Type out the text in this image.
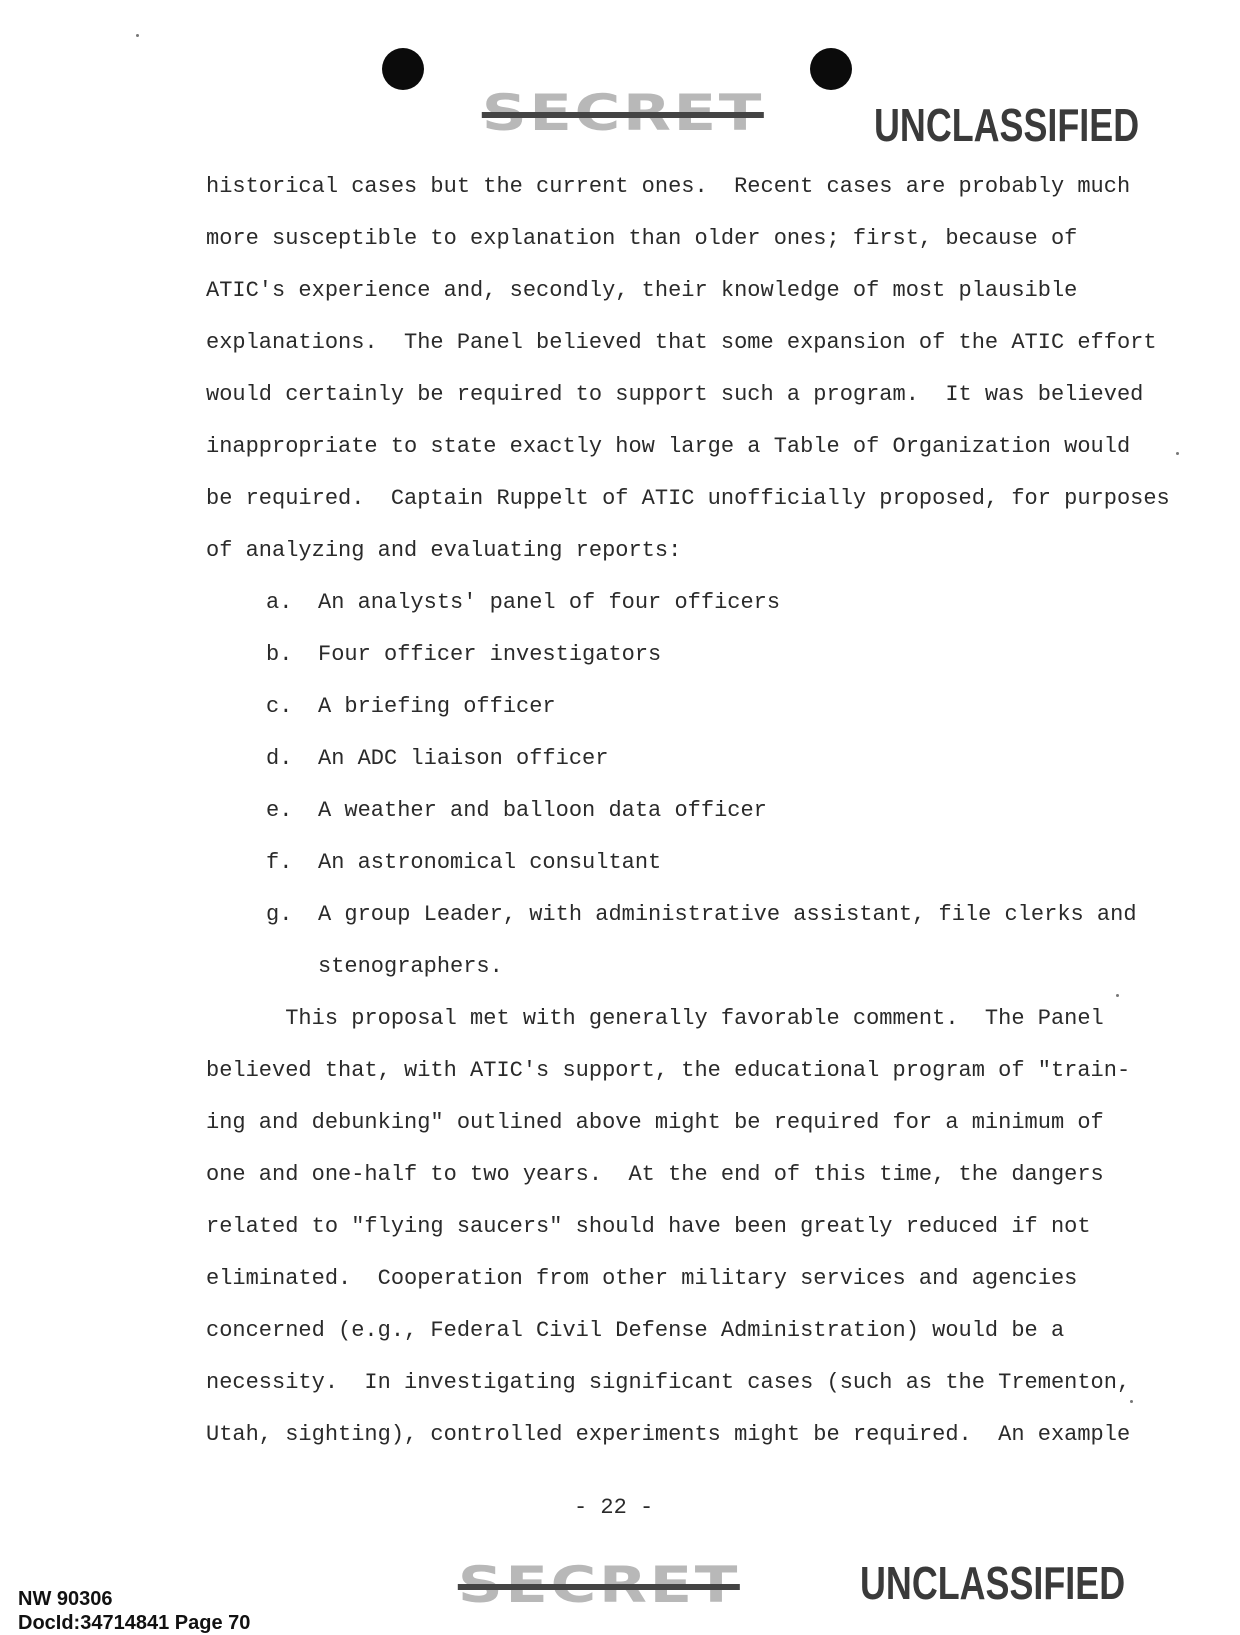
SECRET UNCLASSIFIED
historical cases but the current ones.  Recent cases are probably much
more susceptible to explanation than older ones; first, because of
ATIC's experience and, secondly, their knowledge of most plausible
explanations.  The Panel believed that some expansion of the ATIC effort
would certainly be required to support such a program.  It was believed
inappropriate to state exactly how large a Table of Organization would
be required.  Captain Ruppelt of ATIC unofficially proposed, for purposes
of analyzing and evaluating reports:
a. An analysts' panel of four officers
b. Four officer investigators
c. A briefing officer
d. An ADC liaison officer
e. A weather and balloon data officer
f. An astronomical consultant
g. A group Leader, with administrative assistant, file clerks and
stenographers.
This proposal met with generally favorable comment.  The Panel
believed that, with ATIC's support, the educational program of "train-
ing and debunking" outlined above might be required for a minimum of
one and one-half to two years.  At the end of this time, the dangers
related to "flying saucers" should have been greatly reduced if not
eliminated.  Cooperation from other military services and agencies
concerned (e.g., Federal Civil Defense Administration) would be a
necessity.  In investigating significant cases (such as the Trementon,
Utah, sighting), controlled experiments might be required.  An example
- 22 -
SECRET	UNCLASSIFIED
NW 90306
DocId:34714841 Page 70
